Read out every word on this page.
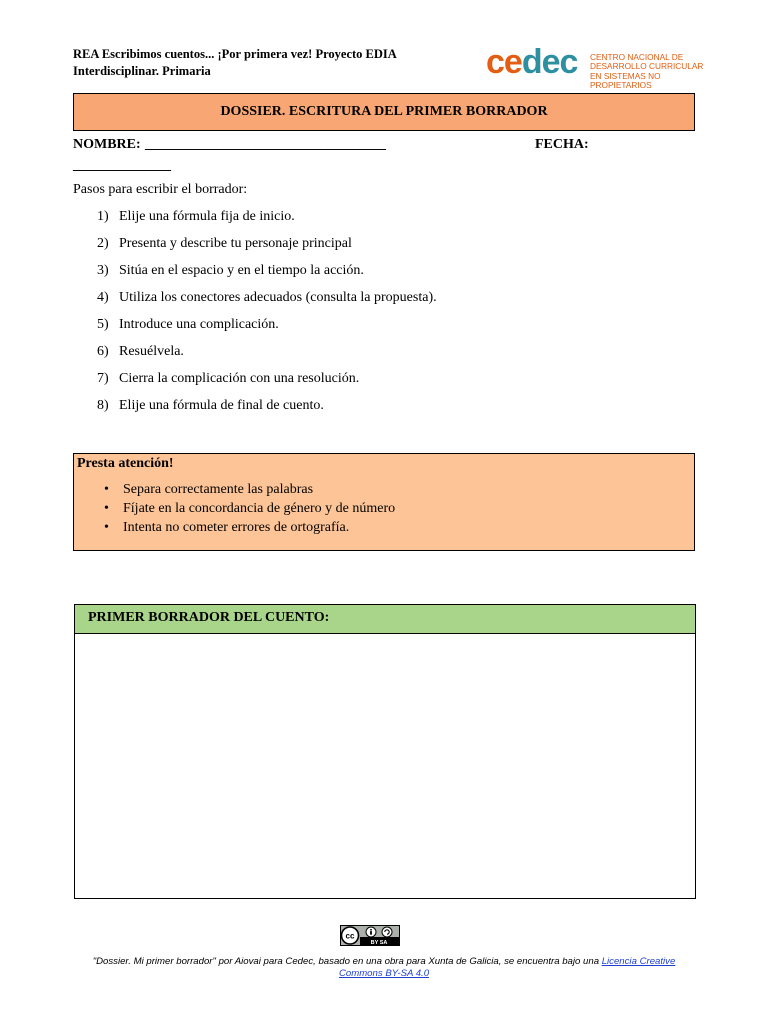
REA Escribimos cuentos... ¡Por primera vez! Proyecto EDIA
Interdisciplinar. Primaria	cedec CENTRO NACIONAL DE
DESARROLLO CURRICULAR
EN SISTEMAS NO PROPIETARIOS
DOSSIER. ESCRITURA DEL PRIMER BORRADOR
NOMBRE: _____________________________________	FECHA:
_______________
Pasos para escribir el borrador:
1) Elije una fórmula fija de inicio.
2) Presenta y describe tu personaje principal
3) Sitúa en el espacio y en el tiempo la acción.
4) Utiliza los conectores adecuados (consulta la propuesta).
5) Introduce una complicación.
6) Resuélvela.
7) Cierra la complicación con una resolución.
8) Elije una fórmula de final de cuento.
Presta atención!
• Separa correctamente las palabras
• Fíjate en la concordancia de género y de número
• Intenta no cometer errores de ortografía.
PRIMER BORRADOR DEL CUENTO:
cc
BY SA
"Dossier. Mi primer borrador" por Aiovai para Cedec, basado en una obra para Xunta de Galicia, se encuentra bajo una Licencia Creative Commons BY-SA 4.0
